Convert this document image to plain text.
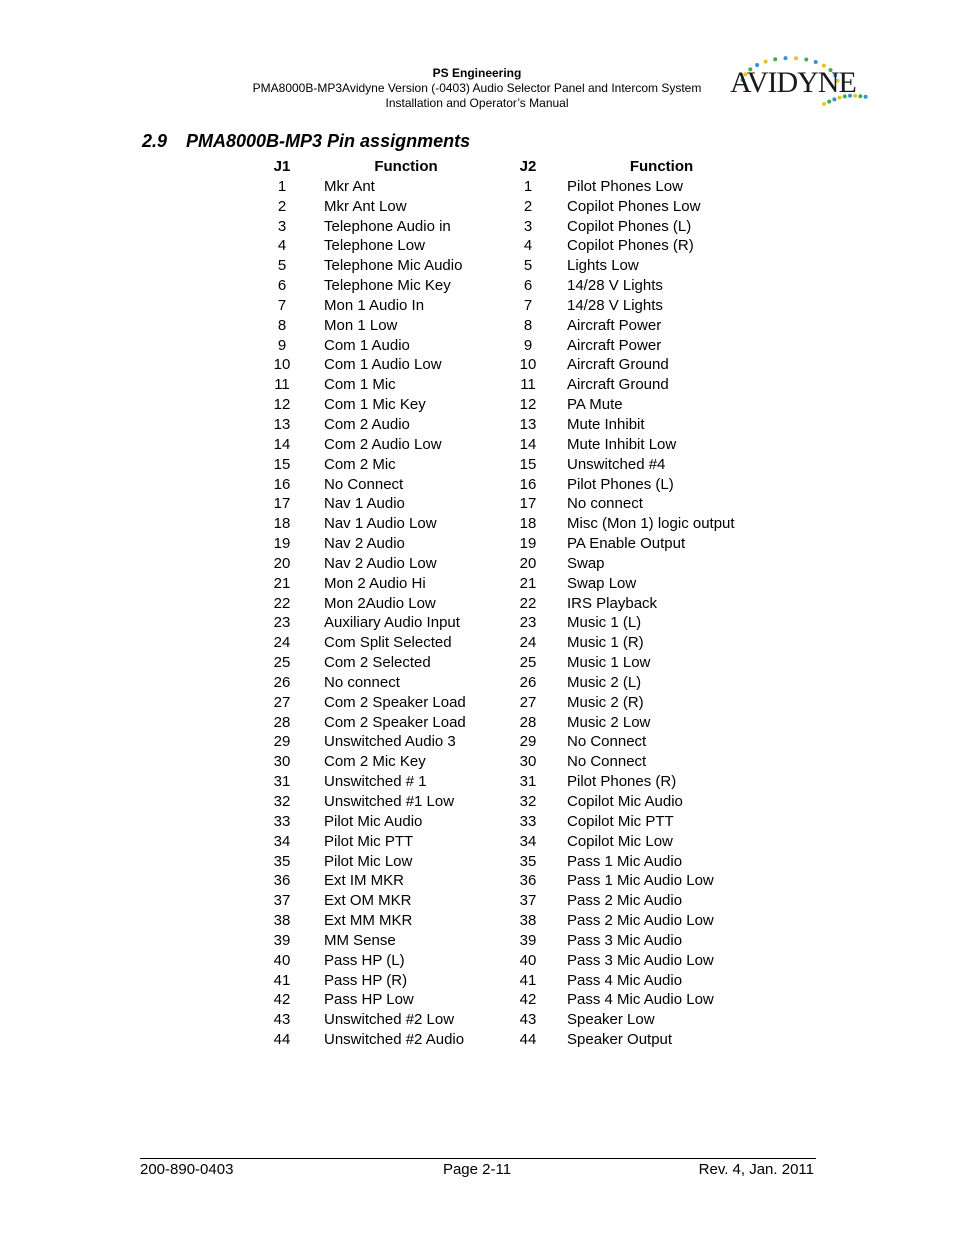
PS Engineering
PMA8000B-MP3Avidyne Version (-0403) Audio Selector Panel and Intercom System
Installation and Operator’s Manual
AVIDYNE
2.9 PMA8000B-MP3 Pin assignments
J1	Function	J2	Function
1	Mkr Ant	1	Pilot Phones Low
2	Mkr Ant Low	2	Copilot Phones Low
3	Telephone Audio in	3	Copilot Phones (L)
4	Telephone Low	4	Copilot Phones (R)
5	Telephone Mic Audio	5	Lights Low
6	Telephone Mic Key	6	14/28 V Lights
7	Mon 1 Audio In	7	14/28 V Lights
8	Mon 1 Low	8	Aircraft Power
9	Com 1 Audio	9	Aircraft Power
10	Com 1 Audio Low	10	Aircraft Ground
11	Com 1 Mic	11	Aircraft Ground
12	Com 1 Mic Key	12	PA Mute
13	Com 2 Audio	13	Mute Inhibit
14	Com 2 Audio Low	14	Mute Inhibit Low
15	Com 2 Mic	15	Unswitched #4
16	No Connect	16	Pilot Phones (L)
17	Nav 1 Audio	17	No connect
18	Nav 1 Audio Low	18	Misc (Mon 1) logic output
19	Nav 2 Audio	19	PA Enable Output
20	Nav 2 Audio Low	20	Swap
21	Mon 2 Audio Hi	21	Swap Low
22	Mon 2Audio Low	22	IRS Playback
23	Auxiliary Audio Input	23	Music 1 (L)
24	Com Split Selected	24	Music 1 (R)
25	Com 2 Selected	25	Music 1 Low
26	No connect	26	Music 2 (L)
27	Com 2 Speaker Load	27	Music 2 (R)
28	Com 2 Speaker Load	28	Music 2 Low
29	Unswitched Audio 3	29	No Connect
30	Com 2 Mic Key	30	No Connect
31	Unswitched # 1	31	Pilot Phones (R)
32	Unswitched #1 Low	32	Copilot Mic Audio
33	Pilot Mic Audio	33	Copilot Mic PTT
34	Pilot Mic PTT	34	Copilot Mic Low
35	Pilot Mic Low	35	Pass 1 Mic Audio
36	Ext IM MKR	36	Pass 1 Mic Audio Low
37	Ext OM MKR	37	Pass 2 Mic Audio
38	Ext MM MKR	38	Pass 2 Mic Audio Low
39	MM Sense	39	Pass 3 Mic Audio
40	Pass HP (L)	40	Pass 3 Mic Audio Low
41	Pass HP (R)	41	Pass 4 Mic Audio
42	Pass HP Low	42	Pass 4 Mic Audio Low
43	Unswitched #2 Low	43	Speaker Low
44	Unswitched #2 Audio	44	Speaker Output
200-890-0403	Page 2-11	Rev. 4, Jan. 2011
